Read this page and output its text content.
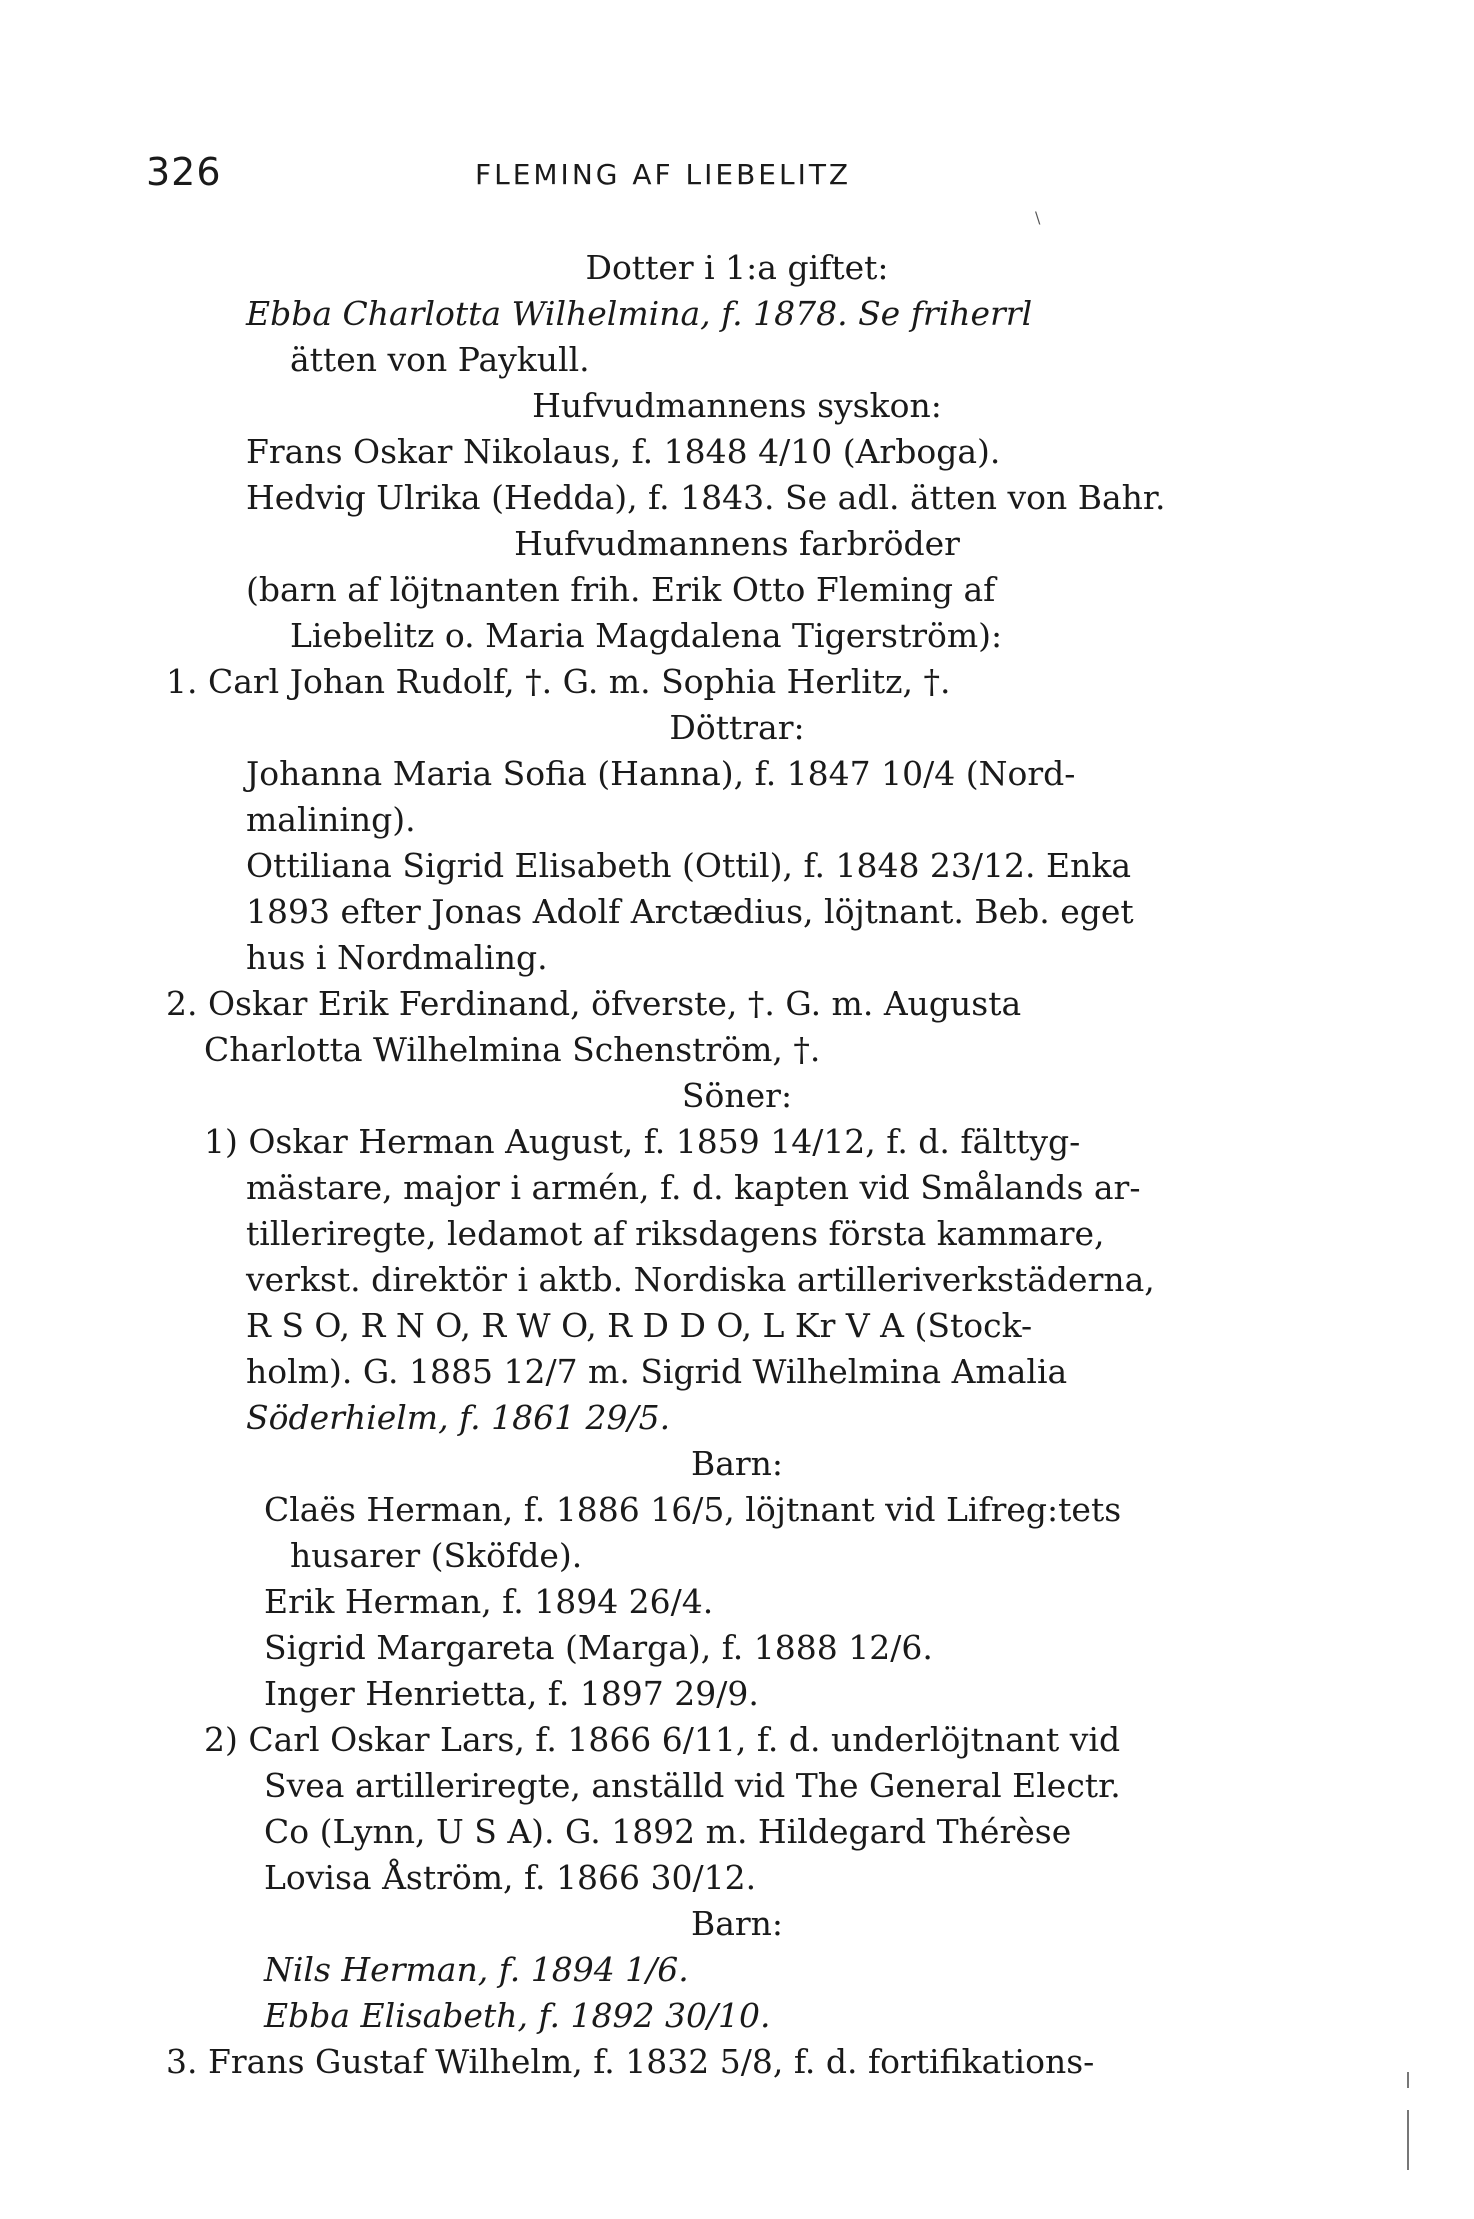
326	FLEMING AF LIEBELITZ
\
Dotter i 1:a giftet:
Ebba Charlotta Wilhelmina, f. 1878. Se friherrl
ätten von Paykull.
Hufvudmannens syskon:
Frans Oskar Nikolaus, f. 1848 4/10 (Arboga).
Hedvig Ulrika (Hedda), f. 1843. Se adl. ätten von Bahr.
Hufvudmannens farbröder
(barn af löjtnanten frih. Erik Otto Fleming af
Liebelitz o. Maria Magdalena Tigerström):
1. Carl Johan Rudolf, †. G. m. Sophia Herlitz, †.
Döttrar:
Johanna Maria Sofia (Hanna), f. 1847 10/4 (Nord-
malining).
Ottiliana Sigrid Elisabeth (Ottil), f. 1848 23/12. Enka
1893 efter Jonas Adolf Arctædius, löjtnant. Beb. eget
hus i Nordmaling.
2. Oskar Erik Ferdinand, öfverste, †. G. m. Augusta
Charlotta Wilhelmina Schenström, †.
Söner:
1) Oskar Herman August, f. 1859 14/12, f. d. fälttyg-
mästare, major i armén, f. d. kapten vid Smålands ar-
tilleriregte, ledamot af riksdagens första kammare,
verkst. direktör i aktb. Nordiska artilleriverkstäderna,
R S O, R N O, R W O, R D D O, L Kr V A (Stock-
holm). G. 1885 12/7 m. Sigrid Wilhelmina Amalia
Söderhielm, f. 1861 29/5.
Barn:
Claës Herman, f. 1886 16/5, löjtnant vid Lifreg:tets
husarer (Sköfde).
Erik Herman, f. 1894 26/4.
Sigrid Margareta (Marga), f. 1888 12/6.
Inger Henrietta, f. 1897 29/9.
2) Carl Oskar Lars, f. 1866 6/11, f. d. underlöjtnant vid
Svea artilleriregte, anställd vid The General Electr.
Co (Lynn, U S A). G. 1892 m. Hildegard Thérèse
Lovisa Åström, f. 1866 30/12.
Barn:
Nils Herman, f. 1894 1/6.
Ebba Elisabeth, f. 1892 30/10.
3. Frans Gustaf Wilhelm, f. 1832 5/8, f. d. fortifikations-
